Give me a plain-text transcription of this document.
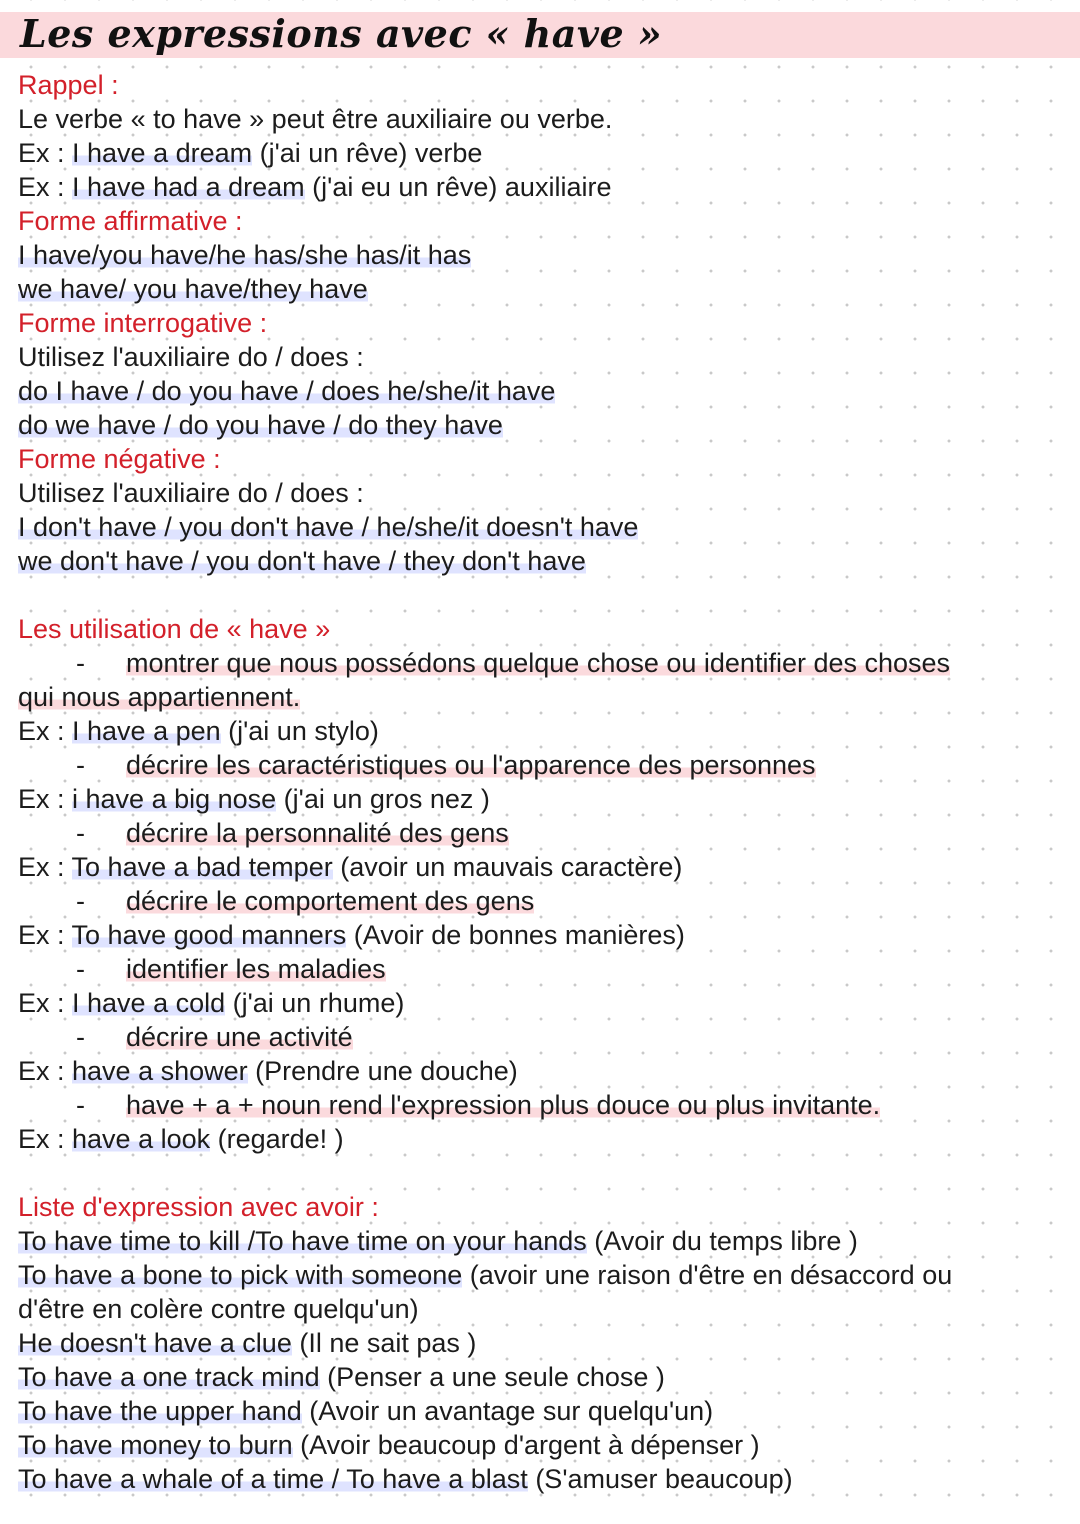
Les expressions avec « have »
Rappel :
Le verbe « to have » peut être auxiliaire ou verbe.
Ex : I have a dream (j'ai un rêve) verbe
Ex : I have had a dream (j'ai eu un rêve) auxiliaire
Forme affirmative :
I have/you have/he has/she has/it has
we have/ you have/they have
Forme interrogative :
Utilisez l'auxiliaire do / does :
do I have / do you have / does he/she/it have
do we have / do you have / do they have
Forme négative :
Utilisez l'auxiliaire do / does :
I don't have / you don't have / he/she/it doesn't have
we don't have / you don't have / they don't have
Les utilisation de « have »
- montrer que nous possédons quelque chose ou identifier des choses
qui nous appartiennent.
Ex : I have a pen (j'ai un stylo)
- décrire les caractéristiques ou l'apparence des personnes
Ex : i have a big nose (j'ai un gros nez )
- décrire la personnalité des gens
Ex : To have a bad temper (avoir un mauvais caractère)
- décrire le comportement des gens
Ex : To have good manners (Avoir de bonnes manières)
- identifier les maladies
Ex : I have a cold (j'ai un rhume)
- décrire une activité
Ex : have a shower (Prendre une douche)
- have + a + noun rend l'expression plus douce ou plus invitante.
Ex : have a look (regarde! )
Liste d'expression avec avoir :
To have time to kill /To have time on your hands (Avoir du temps libre )
To have a bone to pick with someone (avoir une raison d'être en désaccord ou
d'être en colère contre quelqu'un)
He doesn't have a clue (Il ne sait pas )
To have a one track mind (Penser a une seule chose )
To have the upper hand (Avoir un avantage sur quelqu'un)
To have money to burn (Avoir beaucoup d'argent à dépenser )
To have a whale of a time / To have a blast (S'amuser beaucoup)
